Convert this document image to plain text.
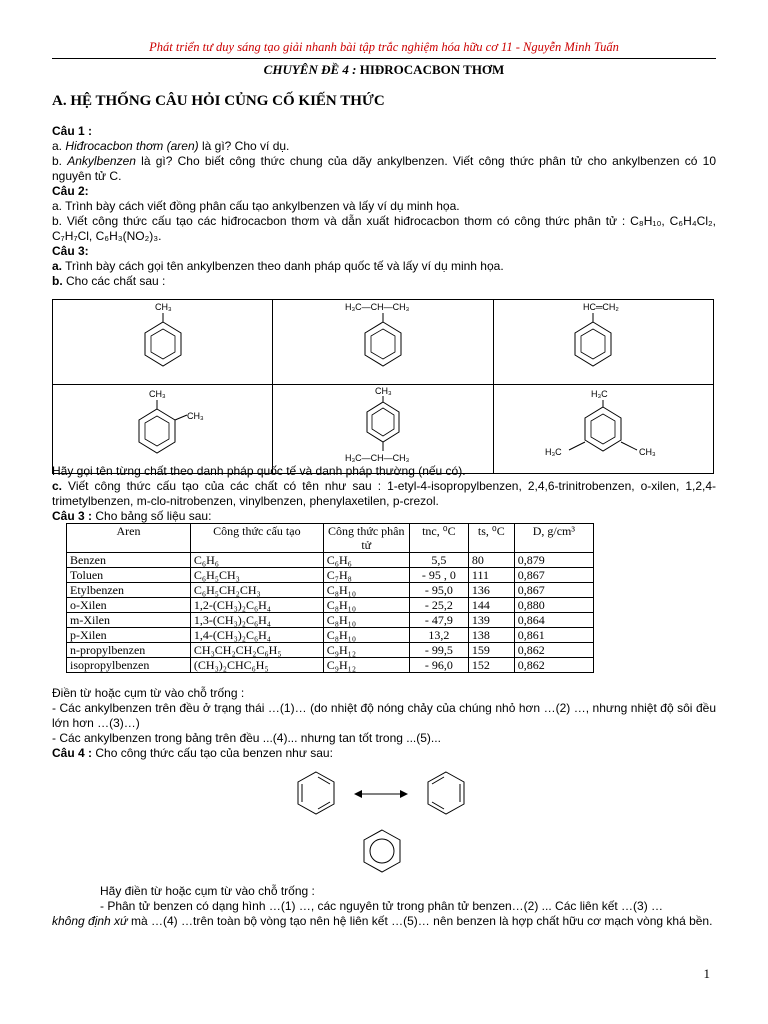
Phát triển tư duy sáng tạo giải nhanh bài tập trắc nghiệm hóa hữu cơ 11 - Nguyễn Minh Tuấn
CHUYÊN ĐỀ 4 : HIĐROCACBON THƠM
A. HỆ THỐNG CÂU HỎI CỦNG CỐ KIẾN THỨC
Câu 1 :
a. Hiđrocacbon thơm (aren) là gì? Cho ví dụ.
b. Ankylbenzen là gì? Cho biết công thức chung của dãy ankylbenzen. Viết công thức phân tử cho ankylbenzen có 10 nguyên tử C.
Câu 2:
a. Trình bày cách viết đồng phân cấu tạo ankylbenzen và lấy ví dụ minh họa.
b. Viết công thức cấu tạo các hiđrocacbon thơm và dẫn xuất hiđrocacbon thơm có công thức phân tử : C₈H₁₀, C₆H₄Cl₂, C₇H₇Cl, C₆H₃(NO₂)₃.
Câu 3:
a. Trình bày cách gọi tên ankylbenzen theo danh pháp quốc tế và lấy ví dụ minh họa.
b. Cho các chất sau :
CH₃	H₃C—CH—CH₃	HC═CH₂

CH₃
CH₃	CH₃
H₃C—CH—CH₃	H₃C
H₃C CH₃
Hãy gọi tên từng chất theo danh pháp quốc tế và danh pháp thường (nếu có).
c. Viết công thức cấu tạo của các chất có tên như sau : 1-etyl-4-isopropylbenzen, 2,4,6-trinitrobenzen, o-xilen, 1,2,4-trimetylbenzen, m-clo-nitrobenzen, vinylbenzen, phenylaxetilen, p-crezol.
Câu 3 : Cho bảng số liệu sau:
Aren	Công thức cấu tạo	Công thức phân tử	tnc, ⁰C	ts, ⁰C	D, g/cm³
Benzen	C₆H₆	C₆H₆	5,5	80	0,879
Toluen	C₆H₅CH₃	C₇H₈	- 95 , 0	111	0,867
Etylbenzen	C₆H₅CH₂CH₃	C₈H₁₀	- 95,0	136	0,867
o-Xilen	1,2-(CH₃)₂C₆H₄	C₈H₁₀	- 25,2	144	0,880
m-Xilen	1,3-(CH₃)₂C₆H₄	C₈H₁₀	- 47,9	139	0,864
p-Xilen	1,4-(CH₃)₂C₆H₄	C₈H₁₀	13,2	138	0,861
n-propylbenzen	CH₃CH₂CH₂C₆H₅	C₉H₁₂	- 99,5	159	0,862
isopropylbenzen	(CH₃)₂CHC₆H₅	C₉H₁₂	- 96,0	152	0,862
Điền từ hoặc cụm từ vào chỗ trống :
- Các ankylbenzen trên đều ở trạng thái …(1)… (do nhiệt độ nóng chảy của chúng nhỏ hơn …(2) …, nhưng nhiệt độ sôi đều lớn hơn …(3)…)
- Các ankylbenzen trong bảng trên đều ...(4)... nhưng tan tốt trong ...(5)...
Câu 4 : Cho công thức cấu tạo của benzen như sau:
Hãy điền từ hoặc cụm từ vào chỗ trống :
- Phân tử benzen có dạng hình …(1) …, các nguyên tử trong phân tử benzen…(2) ... Các liên kết …(3) …
không định xứ mà …(4) …trên toàn bộ vòng tạo nên hệ liên kết …(5)… nên benzen là hợp chất hữu cơ mạch vòng khá bền.
1
